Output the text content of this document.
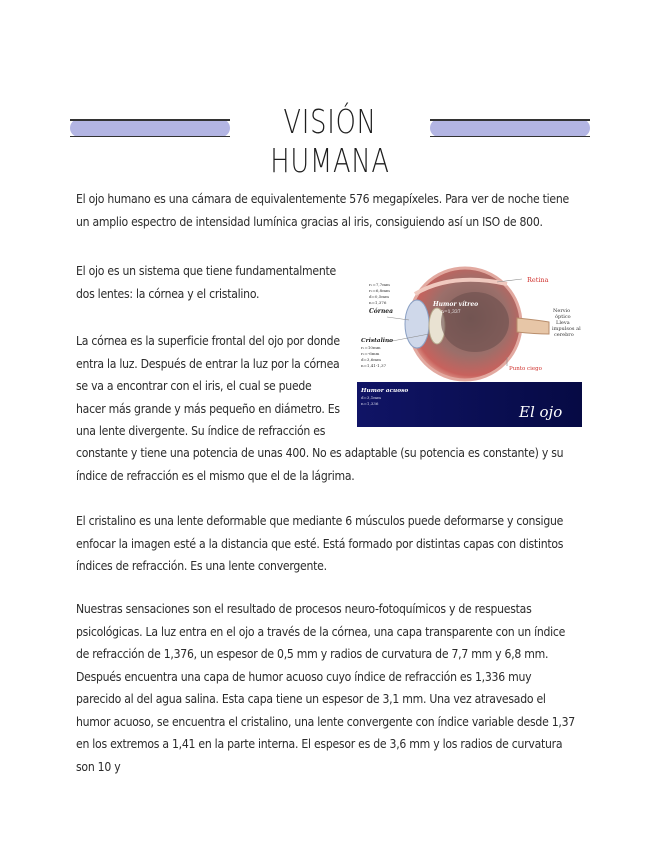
VISIÓN HUMANA
El ojo humano es una cámara de equivalentemente 576 megapíxeles. Para ver de noche tiene un amplio espectro de intensidad lumínica gracias al iris, consiguiendo así un ISO de 800.
El ojo es un sistema que tiene fundamentalmente dos lentes: la córnea y el cristalino.
La córnea es la superficie frontal del ojo por donde entra la luz. Después de entrar la luz por la córnea se va a encontrar con el iris, el cual se puede hacer más grande y más pequeño en diámetro. Es una lente divergente. Su índice de refracción es
constante y tiene una potencia de unas 400. No es adaptable (su potencia es constante) y su índice de refracción es el mismo que el de la lágrima.
El cristalino es una lente deformable que mediante 6 músculos puede deformarse y consigue enfocar la imagen esté a la distancia que esté. Está formado por distintas capas con distintos índices de refracción. Es una lente convergente.
Nuestras sensaciones son el resultado de procesos neuro-fotoquímicos y de respuestas psicológicas. La luz entra en el ojo a través de la córnea, una capa transparente con un índice de refracción de 1,376, un espesor de 0,5 mm y radios de curvatura de 7,7 mm y 6,8 mm. Después encuentra una capa de humor acuoso cuyo índice de refracción es 1,336 muy parecido al del agua salina. Esta capa tiene un espesor de 3,1 mm. Una vez atravesado el humor acuoso, se encuentra el cristalino, una lente convergente con índice variable desde 1,37 en los extremos a 1,41 en la parte interna. El espesor es de 3,6 mm y los radios de curvatura son 10 y
Retina
Humor vítreo
n=1,337
r₁=7,7mm
r₂=6,8mm
d=0,5mm
n=1,376
Córnea
Cristalino
r₁=10mm
r₂=-6mm
d=3,6mm
n=1,41-1,37
Nervio
óptico
Lleva
impulsos al
cerebro
Punto ciego
Humor acuoso
d=3,1mm
n=1,336	El ojo
